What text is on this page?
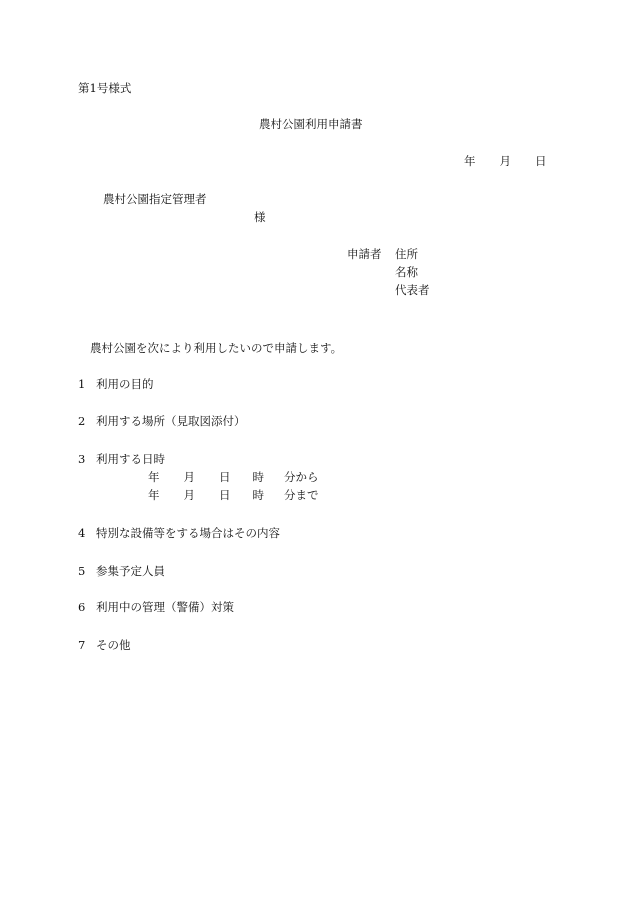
第1号様式
農村公園利用申請書
年 月 日
農村公園指定管理者
様
申請者 住所
名称
代表者
農村公園を次により利用したいので申請します。
1 利用の目的
2 利用する場所（見取図添付）
3 利用する日時
年 月 日 時 分から
年 月 日 時 分まで
4 特別な設備等をする場合はその内容
5 参集予定人員
6 利用中の管理（警備）対策
7 その他
